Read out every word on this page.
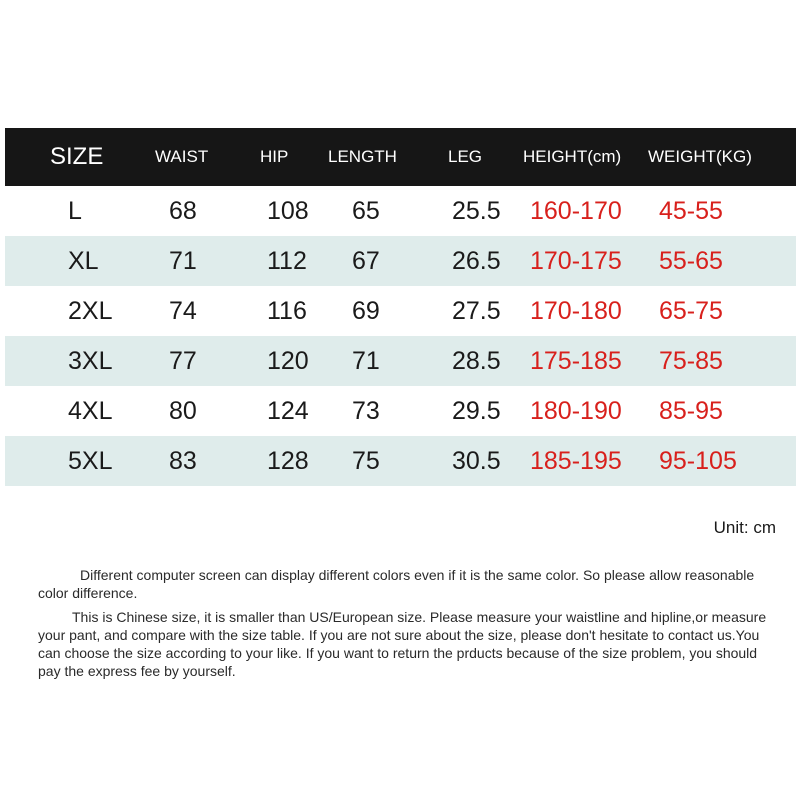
SIZE	WAIST	HIP LENGTH	LEG HEIGHT(cm) WEIGHT(KG)
L	68	108 65	25.5 160-170 45-55
XL	71	112 67	26.5 170-175 55-65
2XL 74	116 69	27.5 170-180 65-75
3XL 77	120 71	28.5 175-185 75-85
4XL 80	124 73	29.5 180-190 85-95
5XL 83	128 75	30.5 185-195 95-105
Unit: cm

Different computer screen can display different colors even if it is the same color. So please allow reasonable color difference.

This is Chinese size, it is smaller than US/European size. Please measure your waistline and hipline,or measure your pant, and compare with the size table. If you are not sure about the size, please don't hesitate to contact us.You can choose the size according to your like. If you want to return the prducts because of the size problem, you should pay the express fee by yourself.
